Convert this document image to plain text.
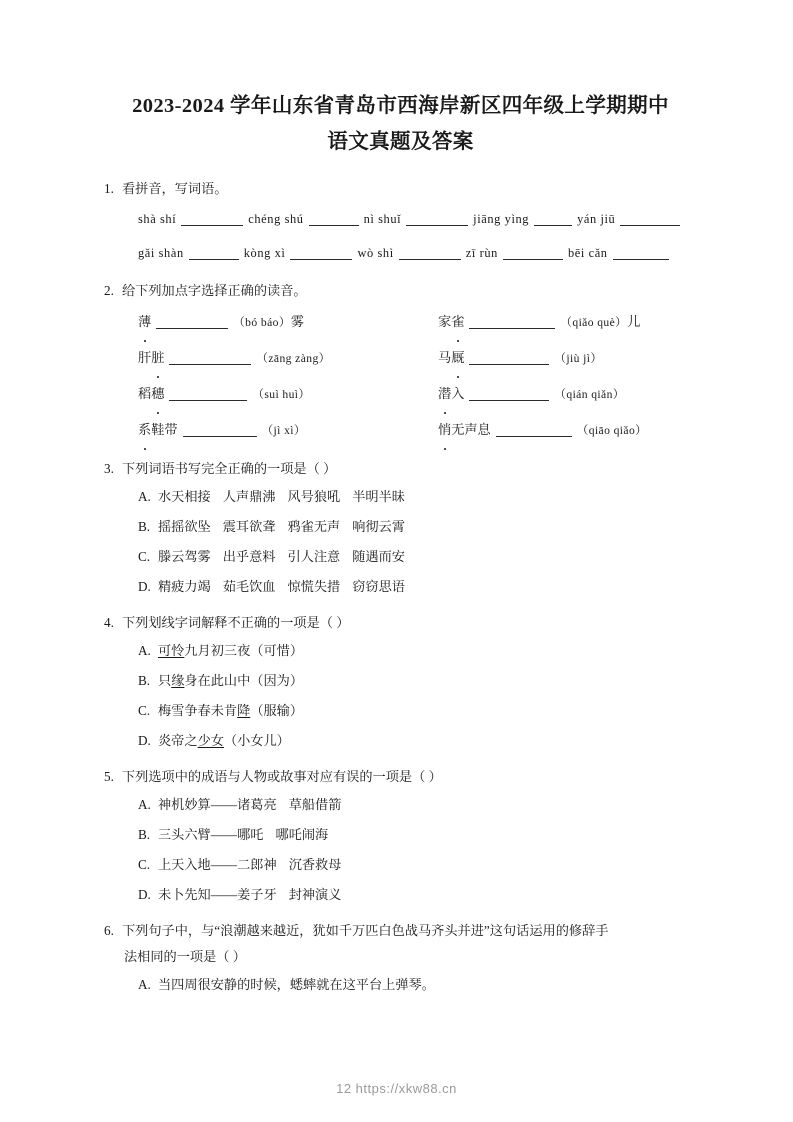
2023-2024 学年山东省青岛市西海岸新区四年级上学期期中
语文真题及答案

1. 看拼音，写词语。

shà shí	chéng shú	nì shuǐ	jiāng yìng	yán jiū
gǎi shàn	kòng xì	wò shì	zī rùn	bēi cǎn

2. 给下列加点字选择正确的读音。

薄	（bó báo）雾	家雀	（qiǎo què）儿
肝脏	（zāng zàng）	马厩	（jiù jì）
稻穗	（suì huì）	潜入	（qián qiǎn）
系鞋带	（jì xì）	悄无声息	（qiāo qiǎo）

3. 下列词语书写完全正确的一项是（ ）

A. 水天相接 人声鼎沸 风号狼吼 半明半昧
B. 摇摇欲坠 震耳欲聋 鸦雀无声 响彻云霄
C. 滕云驾雾 出乎意料 引人注意 随遇而安
D. 精疲力竭 茹毛饮血 惊慌失措 窃窃思语

4. 下列划线字词解释不正确的一项是（ ）

A. 可怜九月初三夜（可惜）
B. 只缘身在此山中（因为）
C. 梅雪争春未肯降（服输）
D. 炎帝之少女（小女儿）

5. 下列选项中的成语与人物或故事对应有误的一项是（ ）

A. 神机妙算——诸葛亮 草船借箭
B. 三头六臂——哪吒 哪吒闹海
C. 上天入地——二郎神 沉香救母
D. 未卜先知——姜子牙 封神演义

6. 下列句子中，与“浪潮越来越近，犹如千万匹白色战马齐头并进”这句话运用的修辞手
法相同的一项是（ ）

A. 当四周很安静的时候，蟋蟀就在这平台上弹琴。
12 https://xkw88.cn
